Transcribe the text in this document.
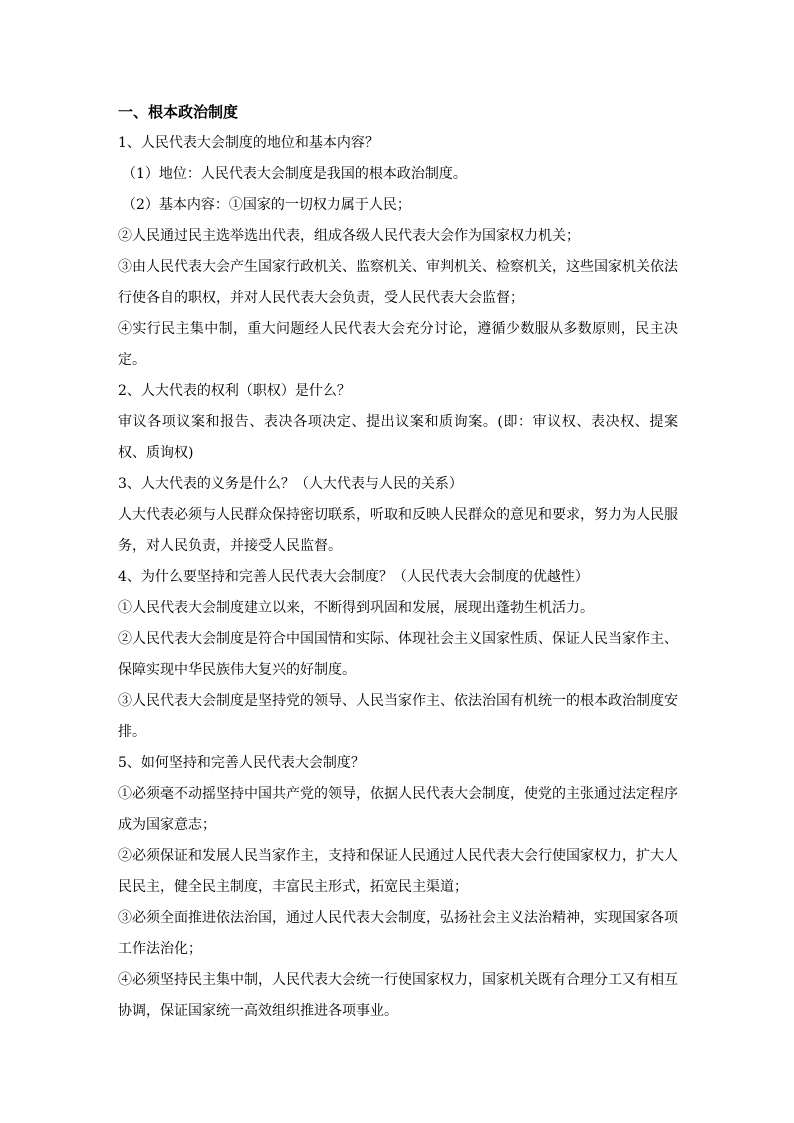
一、根本政治制度

1、人民代表大会制度的地位和基本内容？

（1）地位：人民代表大会制度是我国的根本政治制度。

（2）基本内容：①国家的一切权力属于人民；

②人民通过民主选举选出代表，组成各级人民代表大会作为国家权力机关；

③由人民代表大会产生国家行政机关、监察机关、审判机关、检察机关，这些国家机关依法行使各自的职权，并对人民代表大会负责，受人民代表大会监督；

④实行民主集中制，重大问题经人民代表大会充分讨论，遵循少数服从多数原则，民主决定。

2、人大代表的权利（职权）是什么？

审议各项议案和报告、表决各项决定、提出议案和质询案。(即：审议权、表决权、提案权、质询权)

3、人大代表的义务是什么？（人大代表与人民的关系）

人大代表必须与人民群众保持密切联系，听取和反映人民群众的意见和要求，努力为人民服务，对人民负责，并接受人民监督。

4、为什么要坚持和完善人民代表大会制度？（人民代表大会制度的优越性）

①人民代表大会制度建立以来，不断得到巩固和发展，展现出蓬勃生机活力。

②人民代表大会制度是符合中国国情和实际、体现社会主义国家性质、保证人民当家作主、保障实现中华民族伟大复兴的好制度。

③人民代表大会制度是坚持党的领导、人民当家作主、依法治国有机统一的根本政治制度安排。

5、如何坚持和完善人民代表大会制度？

①必须毫不动摇坚持中国共产党的领导，依据人民代表大会制度，使党的主张通过法定程序成为国家意志；

②必须保证和发展人民当家作主，支持和保证人民通过人民代表大会行使国家权力，扩大人民民主，健全民主制度，丰富民主形式，拓宽民主渠道；

③必须全面推进依法治国，通过人民代表大会制度，弘扬社会主义法治精神，实现国家各项工作法治化；

④必须坚持民主集中制，人民代表大会统一行使国家权力，国家机关既有合理分工又有相互协调，保证国家统一高效组织推进各项事业。
